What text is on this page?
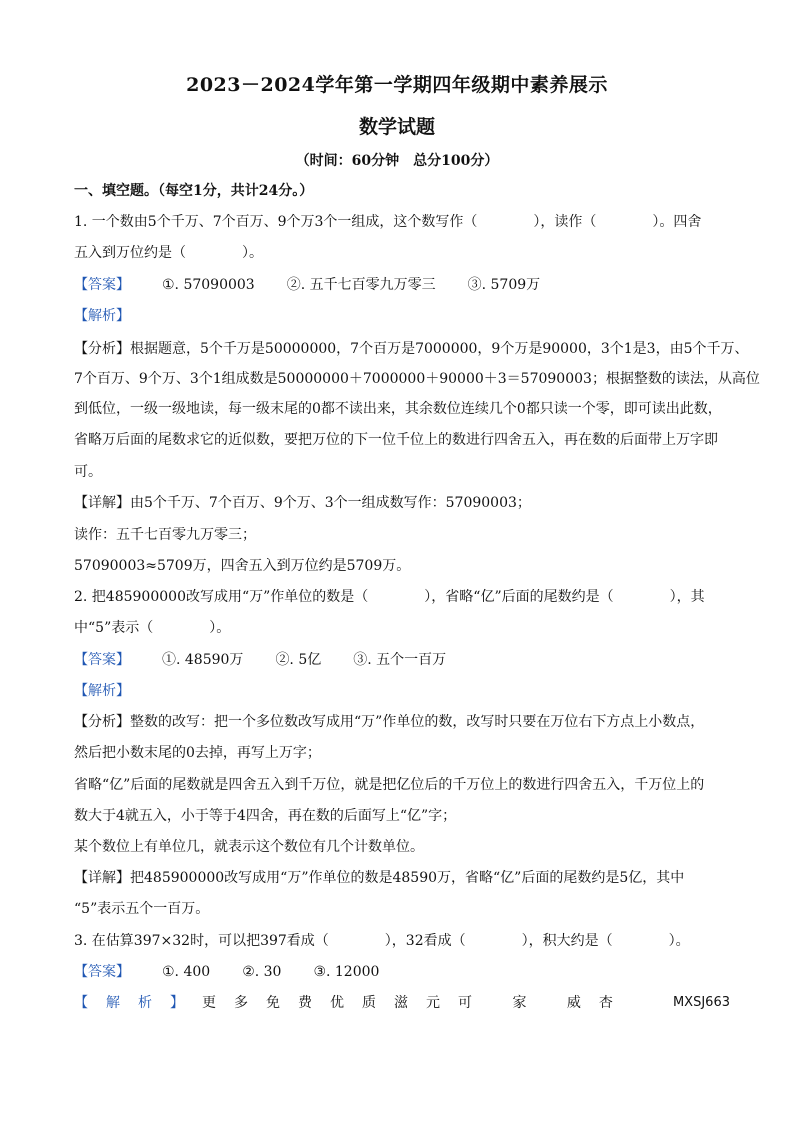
2023－2024学年第一学期四年级期中素养展示
数学试题
（时间：60分钟　总分100分）
一、填空题。（每空1分，共计24分。）
1. 一个数由5个千万、7个百万、9个万3个一组成，这个数写作（　　　　），读作（　　　　）。四舍
五入到万位约是（　　　　）。
【答案】 ①. 57090003 ②. 五千七百零九万零三 ③. 5709万
【解析】
【分析】根据题意，5个千万是50000000，7个百万是7000000，9个万是90000，3个1是3，由5个千万、
7个百万、9个万、3个1组成数是50000000＋7000000＋90000＋3＝57090003；根据整数的读法，从高位
到低位，一级一级地读，每一级末尾的0都不读出来，其余数位连续几个0都只读一个零，即可读出此数，
省略万后面的尾数求它的近似数，要把万位的下一位千位上的数进行四舍五入，再在数的后面带上万字即
可。
【详解】由5个千万、7个百万、9个万、3个一组成数写作：57090003；
读作：五千七百零九万零三；
57090003≈5709万，四舍五入到万位约是5709万。
2. 把485900000改写成用“万”作单位的数是（　　　　），省略“亿”后面的尾数约是（　　　　），其
中“5”表示（　　　　）。
【答案】 ①. 48590万 ②. 5亿 ③. 五个一百万
【解析】
【分析】整数的改写：把一个多位数改写成用“万”作单位的数，改写时只要在万位右下方点上小数点，
然后把小数末尾的0去掉，再写上万字；
省略“亿”后面的尾数就是四舍五入到千万位，就是把亿位后的千万位上的数进行四舍五入，千万位上的
数大于4就五入，小于等于4四舍，再在数的后面写上“亿”字；
某个数位上有单位几，就表示这个数位有几个计数单位。
【详解】把485900000改写成用“万”作单位的数是48590万，省略“亿”后面的尾数约是5亿，其中
“5”表示五个一百万。
3. 在估算397×32时，可以把397看成（　　　　），32看成（　　　　），积大约是（　　　　）。
【答案】 ①. 400 ②. 30 ③. 12000
【解析】更多免费优质滋元可 家 威杏	MXSJ663
